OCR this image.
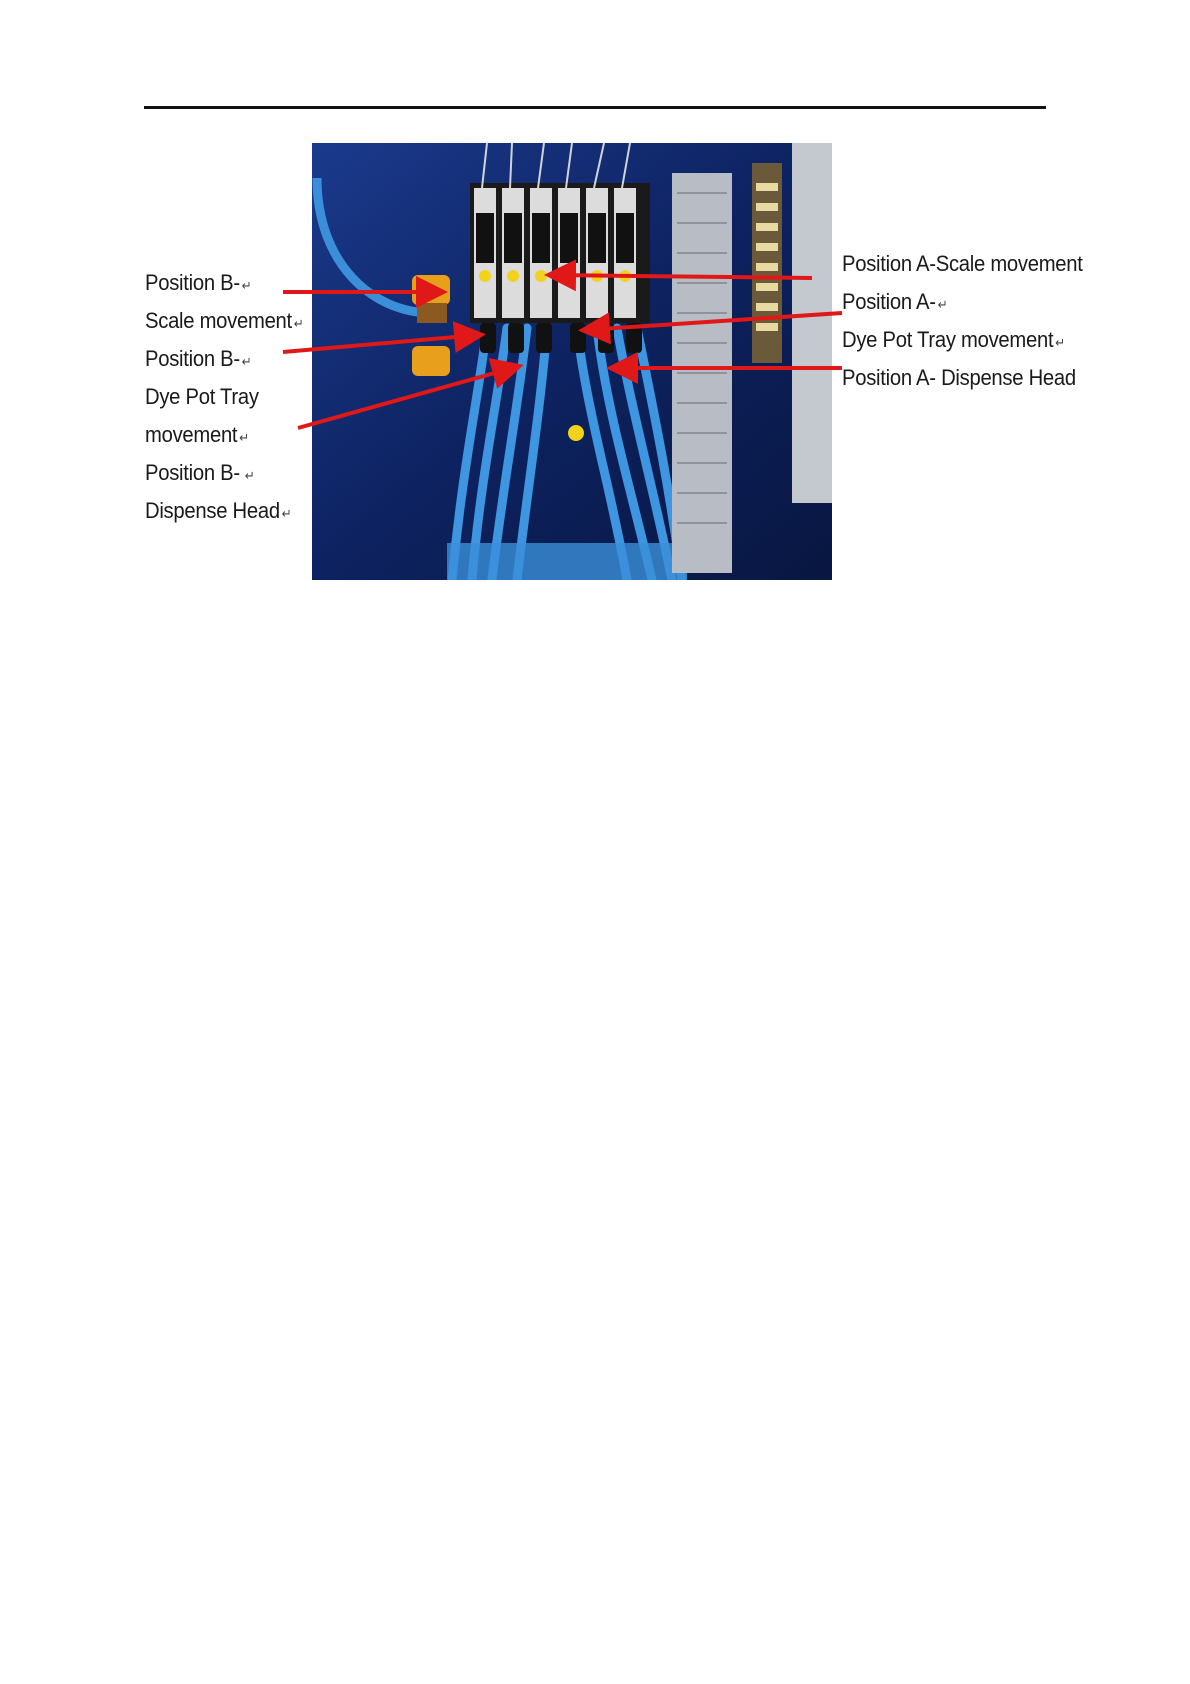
Position B- ↵
Scale movement ↵
Position B- ↵
Dye Pot Tray
movement ↵
Position B- ↵
Dispense Head ↵
Position A-Scale movement
Position A- ↵
Dye Pot Tray movement ↵
Position A- Dispense Head
